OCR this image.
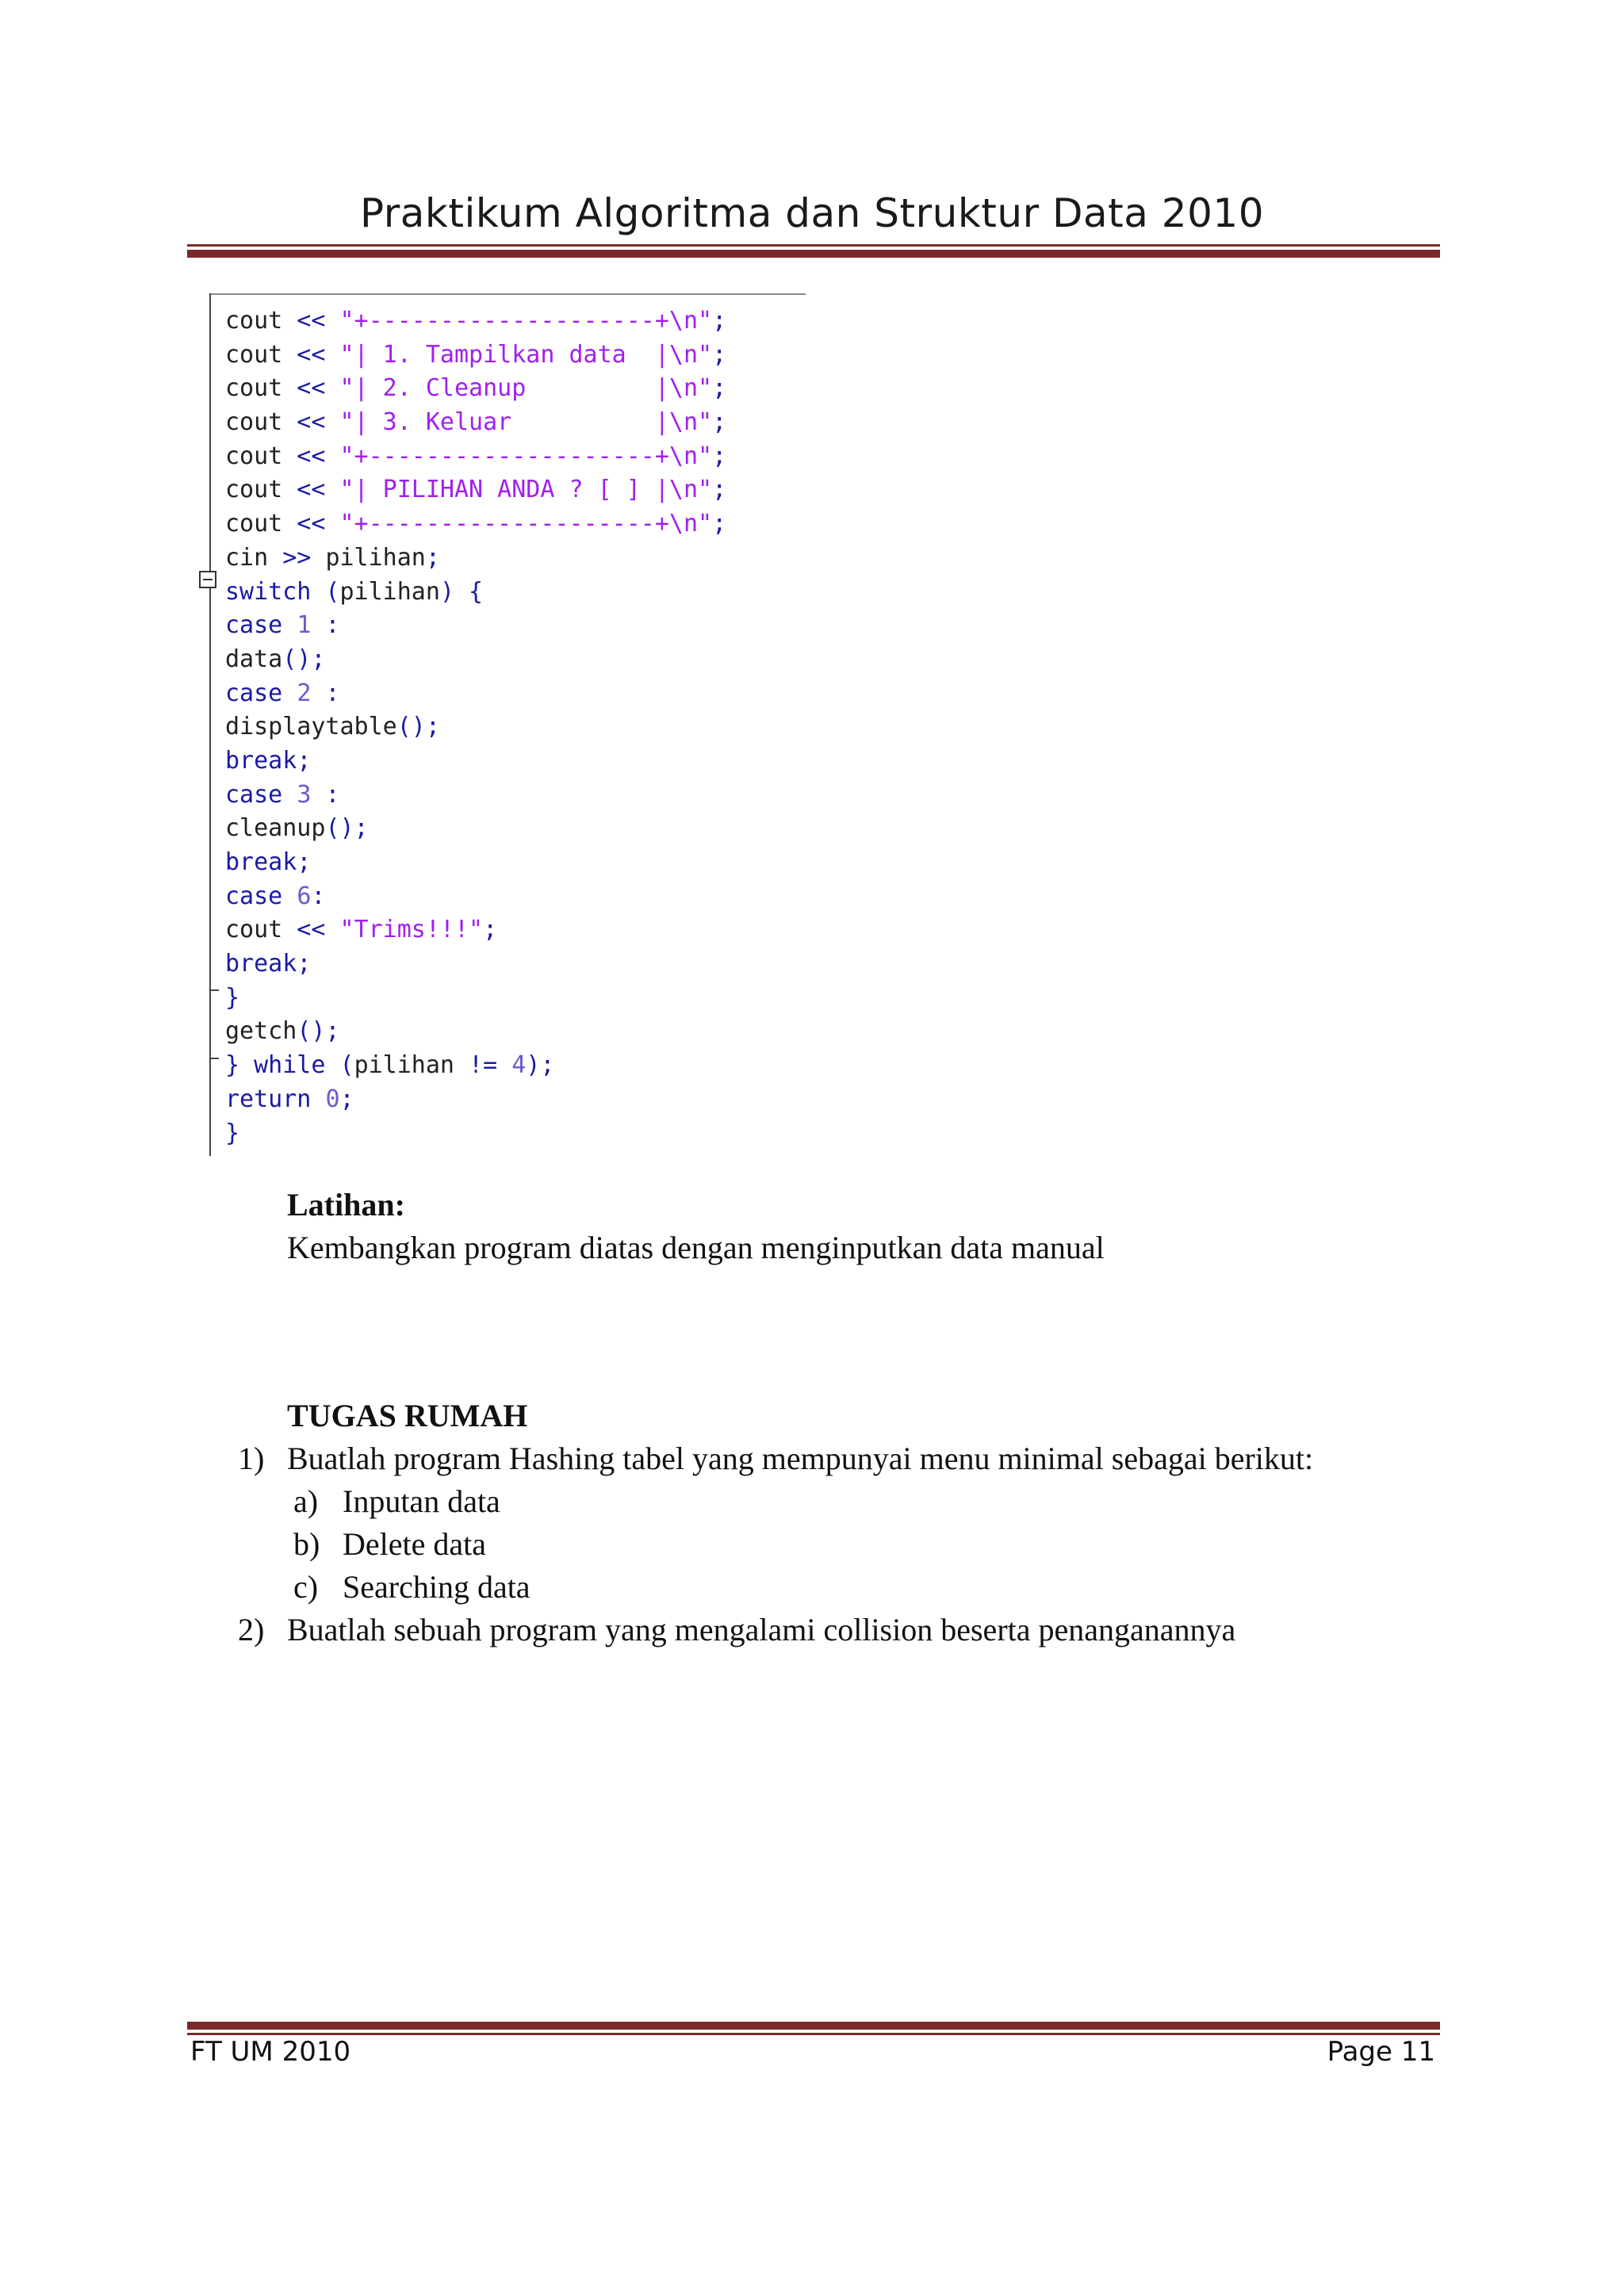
Praktikum Algoritma dan Struktur Data 2010
cout << "+--------------------+\n";
cout << "| 1. Tampilkan data  |\n";
cout << "| 2. Cleanup         |\n";
cout << "| 3. Keluar          |\n";
cout << "+--------------------+\n";
cout << "| PILIHAN ANDA ? [ ] |\n";
cout << "+--------------------+\n";
cin >> pilihan;
switch (pilihan) {
case 1 :
data();
case 2 :
displaytable();
break;
case 3 :
cleanup();
break;
case 6:
cout << "Trims!!!";
break;
}
getch();
} while (pilihan != 4);
return 0;
}
Latihan:
Kembangkan program diatas dengan menginputkan data manual
TUGAS RUMAH
1) Buatlah program Hashing tabel yang mempunyai menu minimal sebagai berikut:
a) Inputan data
b) Delete data
c) Searching data
2) Buatlah sebuah program yang mengalami collision beserta penanganannya
FT UM 2010	Page 11
